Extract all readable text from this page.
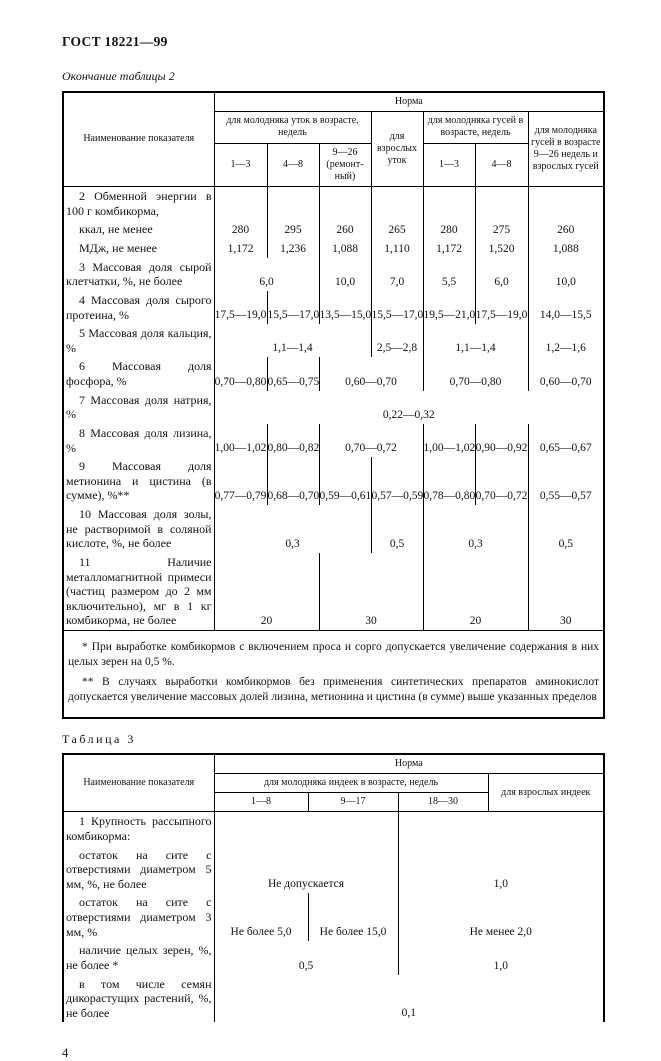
ГОСТ 18221—99

Окончание таблицы 2

Наименование показателя	Норма						
	для молодняка уток в возрасте, недель			для взрослых уток	для молодняка гусей в возрасте, недель		для молодняка гусей в возрасте 9—26 недель и взрослых гусей
	1—3	4—8	9—26 (ремонтный)		1—3	4—8	
2 Обменной энергии в 100 г комбикорма,							
ккал, не менее	280	295	260	265	280	275	260
МДж, не менее	1,172	1,236	1,088	1,110	1,172	1,520	1,088
3 Массовая доля сырой клетчатки, %, не более	6,0		10,0	7,0	5,5	6,0	10,0
4 Массовая доля сырого протеина, %	17,5—19,0	15,5—17,0	13,5—15,0	15,5—17,0	19,5—21,0	17,5—19,0	14,0—15,5
5 Массовая доля кальция, %	1,1—1,4			2,5—2,8	1,1—1,4		1,2—1,6
6 Массовая доля фосфора, %	0,70—0,80	0,65—0,75	0,60—0,70		0,70—0,80		0,60—0,70
7 Массовая доля натрия, %	0,22—0,32						
8 Массовая доля лизина, %	1,00—1,02	0,80—0,82	0,70—0,72		1,00—1,02	0,90—0,92	0,65—0,67
9 Массовая доля метионина и цистина (в сумме), %**	0,77—0,79	0,68—0,70	0,59—0,61	0,57—0,59	0,78—0,80	0,70—0,72	0,55—0,57
10 Массовая доля золы, не растворимой в соляной кислоте, %, не более	0,3			0,5	0,3		0,5
11 Наличие металломагнитной примеси (частиц размером до 2 мм включительно), мг в 1 кг комбикорма, не более	20		30		20		30

* При выработке комбикормов с включением проса и сорго допускается увеличение содержания в них целых зерен на 0,5 %.

** В случаях выработки комбикормов без применения синтетических препаратов аминокислот допускается увеличение массовых долей лизина, метионина и цистина (в сумме) выше указанных пределов							

Таблица 3

Наименование показателя	Норма			
	для молодняка индеек в возрасте, недель			для взрослых индеек
	1—8	9—17	18—30	
1 Крупность рассыпного комбикорма:				
остаток на сите с отверстиями диаметром 5 мм, %, не более	Не допускается		1,0	
остаток на сите с отверстиями диаметром 3 мм, %	Не более 5,0	Не более 15,0	Не менее 2,0	
наличие целых зерен, %, не более *	0,5		1,0	
в том числе семян дикорастущих растений, %, не более	0,1			

4
